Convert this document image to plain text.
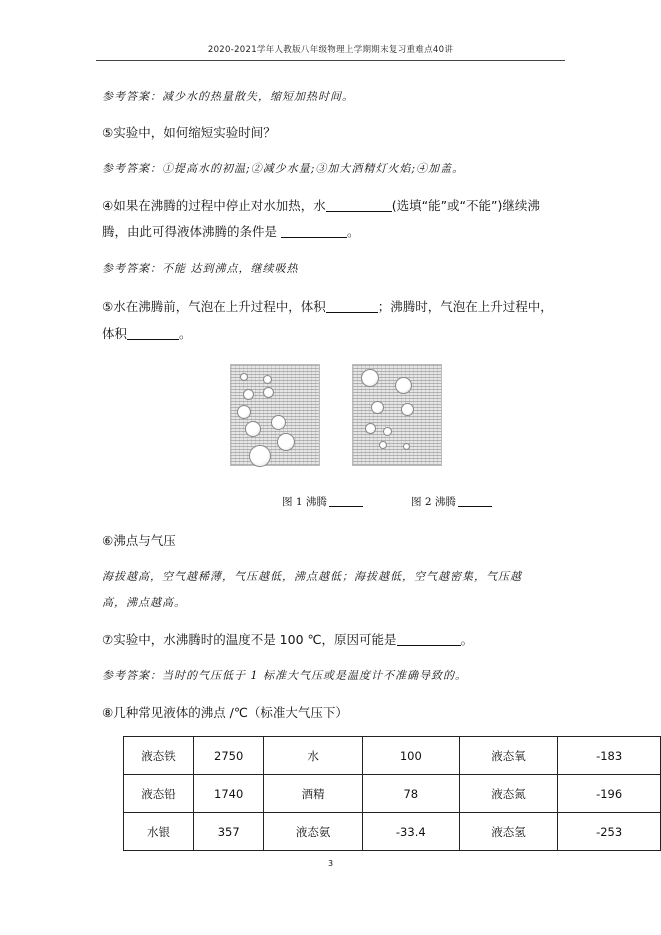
2020-2021学年人教版八年级物理上学期期末复习重难点40讲
参考答案：减少水的热量散失，缩短加热时间。
⑤实验中，如何缩短实验时间？
参考答案：①提高水的初温;②减少水量;③加大酒精灯火焰;④加盖。
④如果在沸腾的过程中停止对水加热，水	(选填“能”或“不能”)继续沸
腾，由此可得液体沸腾的条件是	。
参考答案：不能 达到沸点，继续吸热
⑤水在沸腾前，气泡在上升过程中，体积	；沸腾时，气泡在上升过程中，
体积	。
图 1 沸腾	图 2 沸腾
⑥沸点与气压
海拔越高，空气越稀薄，气压越低，沸点越低；海拔越低，空气越密集，气压越
高，沸点越高。
⑦实验中，水沸腾时的温度不是 100 ℃，原因可能是	。
参考答案：当时的气压低于 1 标准大气压或是温度计不准确导致的。
⑧几种常见液体的沸点 /℃（标准大气压下）
液态铁	2750	水	100	液态氧	-183
液态铅	1740	酒精	78	液态氮	-196
水银	357	液态氨	-33.4	液态氢	-253
3
